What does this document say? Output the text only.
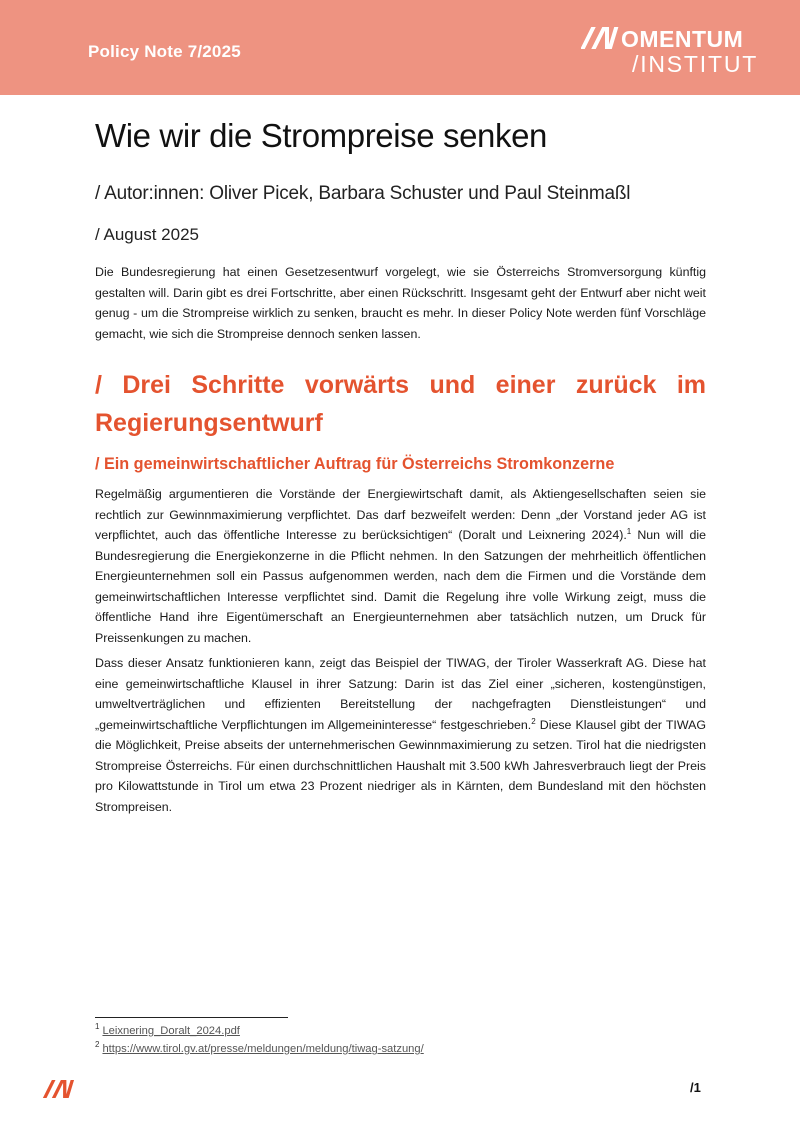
Policy Note 7/2025	OMENTUM
/INSTITUT
Wie wir die Strompreise senken

/ Autor:innen: Oliver Picek, Barbara Schuster und Paul Steinmaßl

/ August 2025

Die Bundesregierung hat einen Gesetzesentwurf vorgelegt, wie sie Österreichs Stromversorgung künftig gestalten will. Darin gibt es drei Fortschritte, aber einen Rückschritt. Insgesamt geht der Entwurf aber nicht weit genug - um die Strompreise wirklich zu senken, braucht es mehr. In dieser Policy Note werden fünf Vorschläge gemacht, wie sich die Strompreise dennoch senken lassen.

/ Drei Schritte vorwärts und einer zurück im Regierungsentwurf
/ Ein gemeinwirtschaftlicher Auftrag für Österreichs Stromkonzerne

Regelmäßig argumentieren die Vorstände der Energiewirtschaft damit, als Aktiengesellschaften seien sie rechtlich zur Gewinnmaximierung verpflichtet. Das darf bezweifelt werden: Denn „der Vorstand jeder AG ist verpflichtet, auch das öffentliche Interesse zu berücksichtigen“ (Doralt und Leixnering 2024).$^1$ Nun will die Bundesregierung die Energiekonzerne in die Pflicht nehmen. In den Satzungen der mehrheitlich öffentlichen Energieunternehmen soll ein Passus aufgenommen werden, nach dem die Firmen und die Vorstände dem gemeinwirtschaftlichen Interesse verpflichtet sind. Damit die Regelung ihre volle Wirkung zeigt, muss die öffentliche Hand ihre Eigentümerschaft an Energieunternehmen aber tatsächlich nutzen, um Druck für Preissenkungen zu machen.

Dass dieser Ansatz funktionieren kann, zeigt das Beispiel der TIWAG, der Tiroler Wasserkraft AG. Diese hat eine gemeinwirtschaftliche Klausel in ihrer Satzung: Darin ist das Ziel einer „sicheren, kostengünstigen, umweltverträglichen und effizienten Bereitstellung der nachgefragten Dienstleistungen“ und „gemeinwirtschaftliche Verpflichtungen im Allgemeininteresse“ festgeschrieben.$^2$ Diese Klausel gibt der TIWAG die Möglichkeit, Preise abseits der unternehmerischen Gewinnmaximierung zu setzen. Tirol hat die niedrigsten Strompreise Österreichs. Für einen durchschnittlichen Haushalt mit 3.500 kWh Jahresverbrauch liegt der Preis pro Kilowattstunde in Tirol um etwa 23 Prozent niedriger als in Kärnten, dem Bundesland mit den höchsten Strompreisen.

$^1$ Leixnering_Doralt_2024.pdf
$^2$ https://www.tirol.gv.at/presse/meldungen/meldung/tiwag-satzung/
/1
